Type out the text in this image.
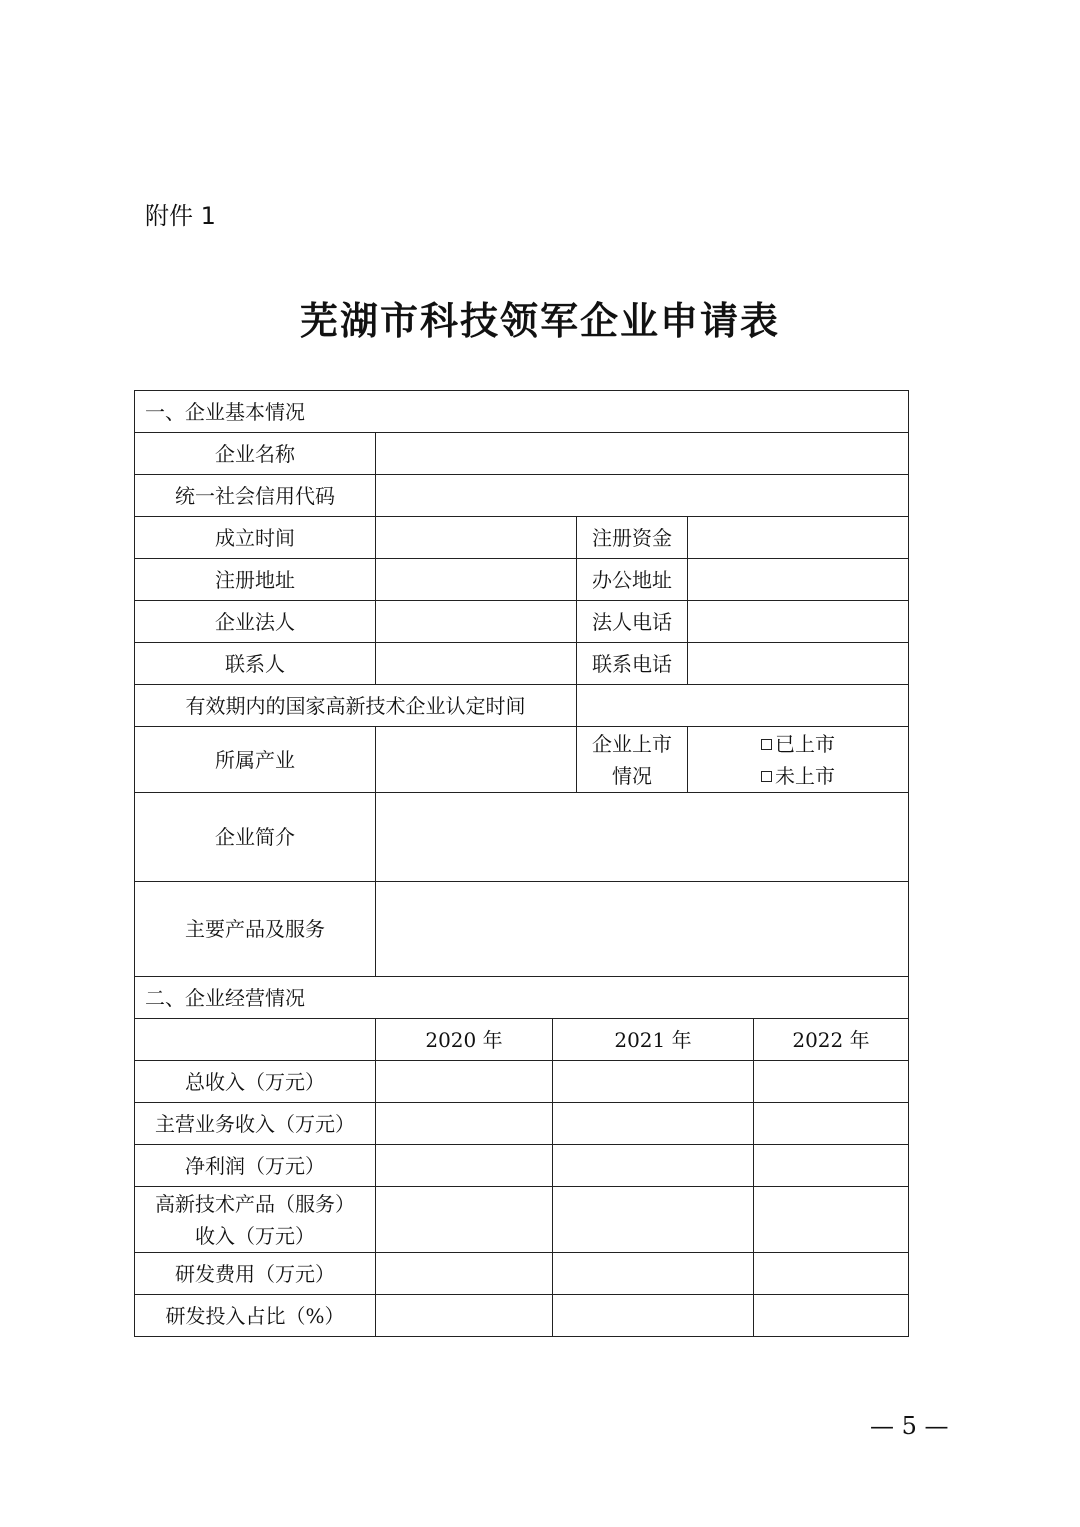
附件 1
芜湖市科技领军企业申请表
一、企业基本情况					
企业名称					
统一社会信用代码					
成立时间			注册资金		
注册地址			办公地址		
企业法人			法人电话		
联系人			联系电话		
有效期内的国家高新技术企业认定时间					
所属产业			企业上市情况	已上市
未上市	

企业简介					
主要产品及服务					
二、企业经营情况					
	2020 年	2021 年			2022 年
总收入（万元）					
主营业务收入（万元）					
净利润（万元）					
高新技术产品（服务）收入（万元）					
研发费用（万元）					
研发投入占比（%）					
— 5 —
